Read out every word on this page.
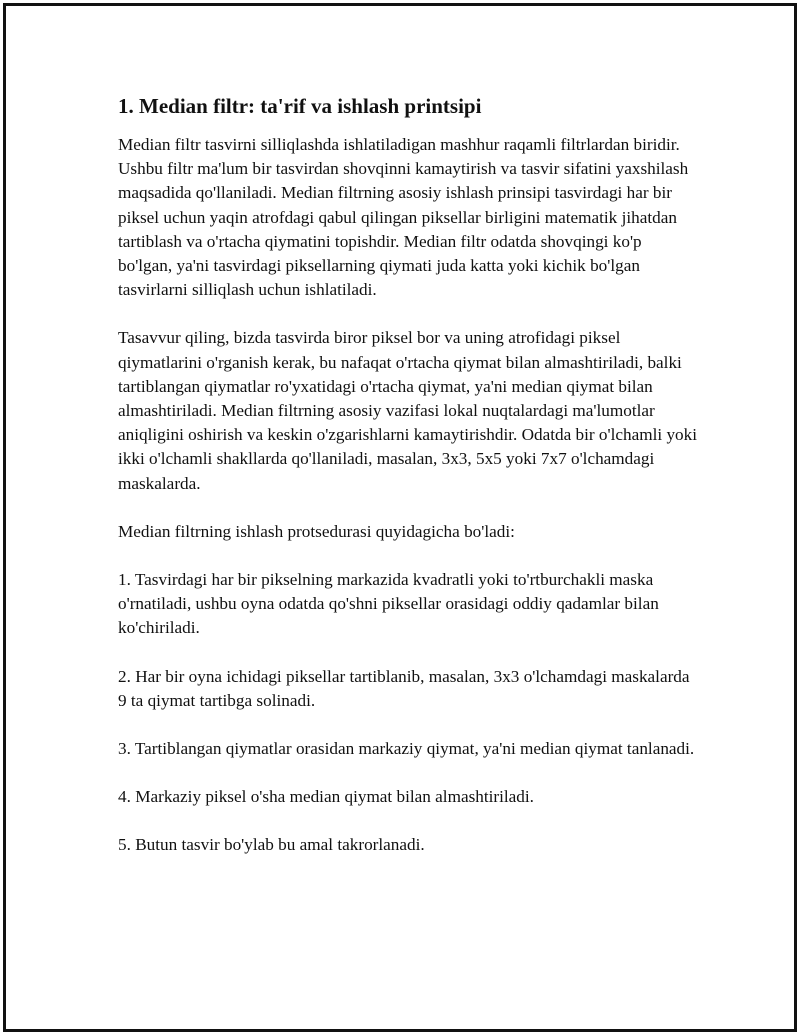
1. Median filtr: ta'rif va ishlash printsipi

Median filtr tasvirni silliqlashda ishlatiladigan mashhur raqamli filtrlardan biridir. Ushbu filtr ma'lum bir tasvirdan shovqinni kamaytirish va tasvir sifatini yaxshilash maqsadida qo'llaniladi. Median filtrning asosiy ishlash prinsipi tasvirdagi har bir piksel uchun yaqin atrofdagi qabul qilingan piksellar birligini matematik jihatdan tartiblash va o'rtacha qiymatini topishdir. Median filtr odatda shovqingi ko'p bo'lgan, ya'ni tasvirdagi piksellarning qiymati juda katta yoki kichik bo'lgan tasvirlarni silliqlash uchun ishlatiladi.

Tasavvur qiling, bizda tasvirda biror piksel bor va uning atrofidagi piksel qiymatlarini o'rganish kerak, bu nafaqat o'rtacha qiymat bilan almashtiriladi, balki tartiblangan qiymatlar ro'yxatidagi o'rtacha qiymat, ya'ni median qiymat bilan almashtiriladi. Median filtrning asosiy vazifasi lokal nuqtalardagi ma'lumotlar aniqligini oshirish va keskin o'zgarishlarni kamaytirishdir. Odatda bir o'lchamli yoki ikki o'lchamli shakllarda qo'llaniladi, masalan, 3x3, 5x5 yoki 7x7 o'lchamdagi maskalarda.

Median filtrning ishlash protsedurasi quyidagicha bo'ladi:

1. Tasvirdagi har bir pikselning markazida kvadratli yoki to'rtburchakli maska o'rnatiladi, ushbu oyna odatda qo'shni piksellar orasidagi oddiy qadamlar bilan ko'chiriladi.

2. Har bir oyna ichidagi piksellar tartiblanib, masalan, 3x3 o'lchamdagi maskalarda 9 ta qiymat tartibga solinadi.

3. Tartiblangan qiymatlar orasidan markaziy qiymat, ya'ni median qiymat tanlanadi.

4. Markaziy piksel o'sha median qiymat bilan almashtiriladi.

5. Butun tasvir bo'ylab bu amal takrorlanadi.
